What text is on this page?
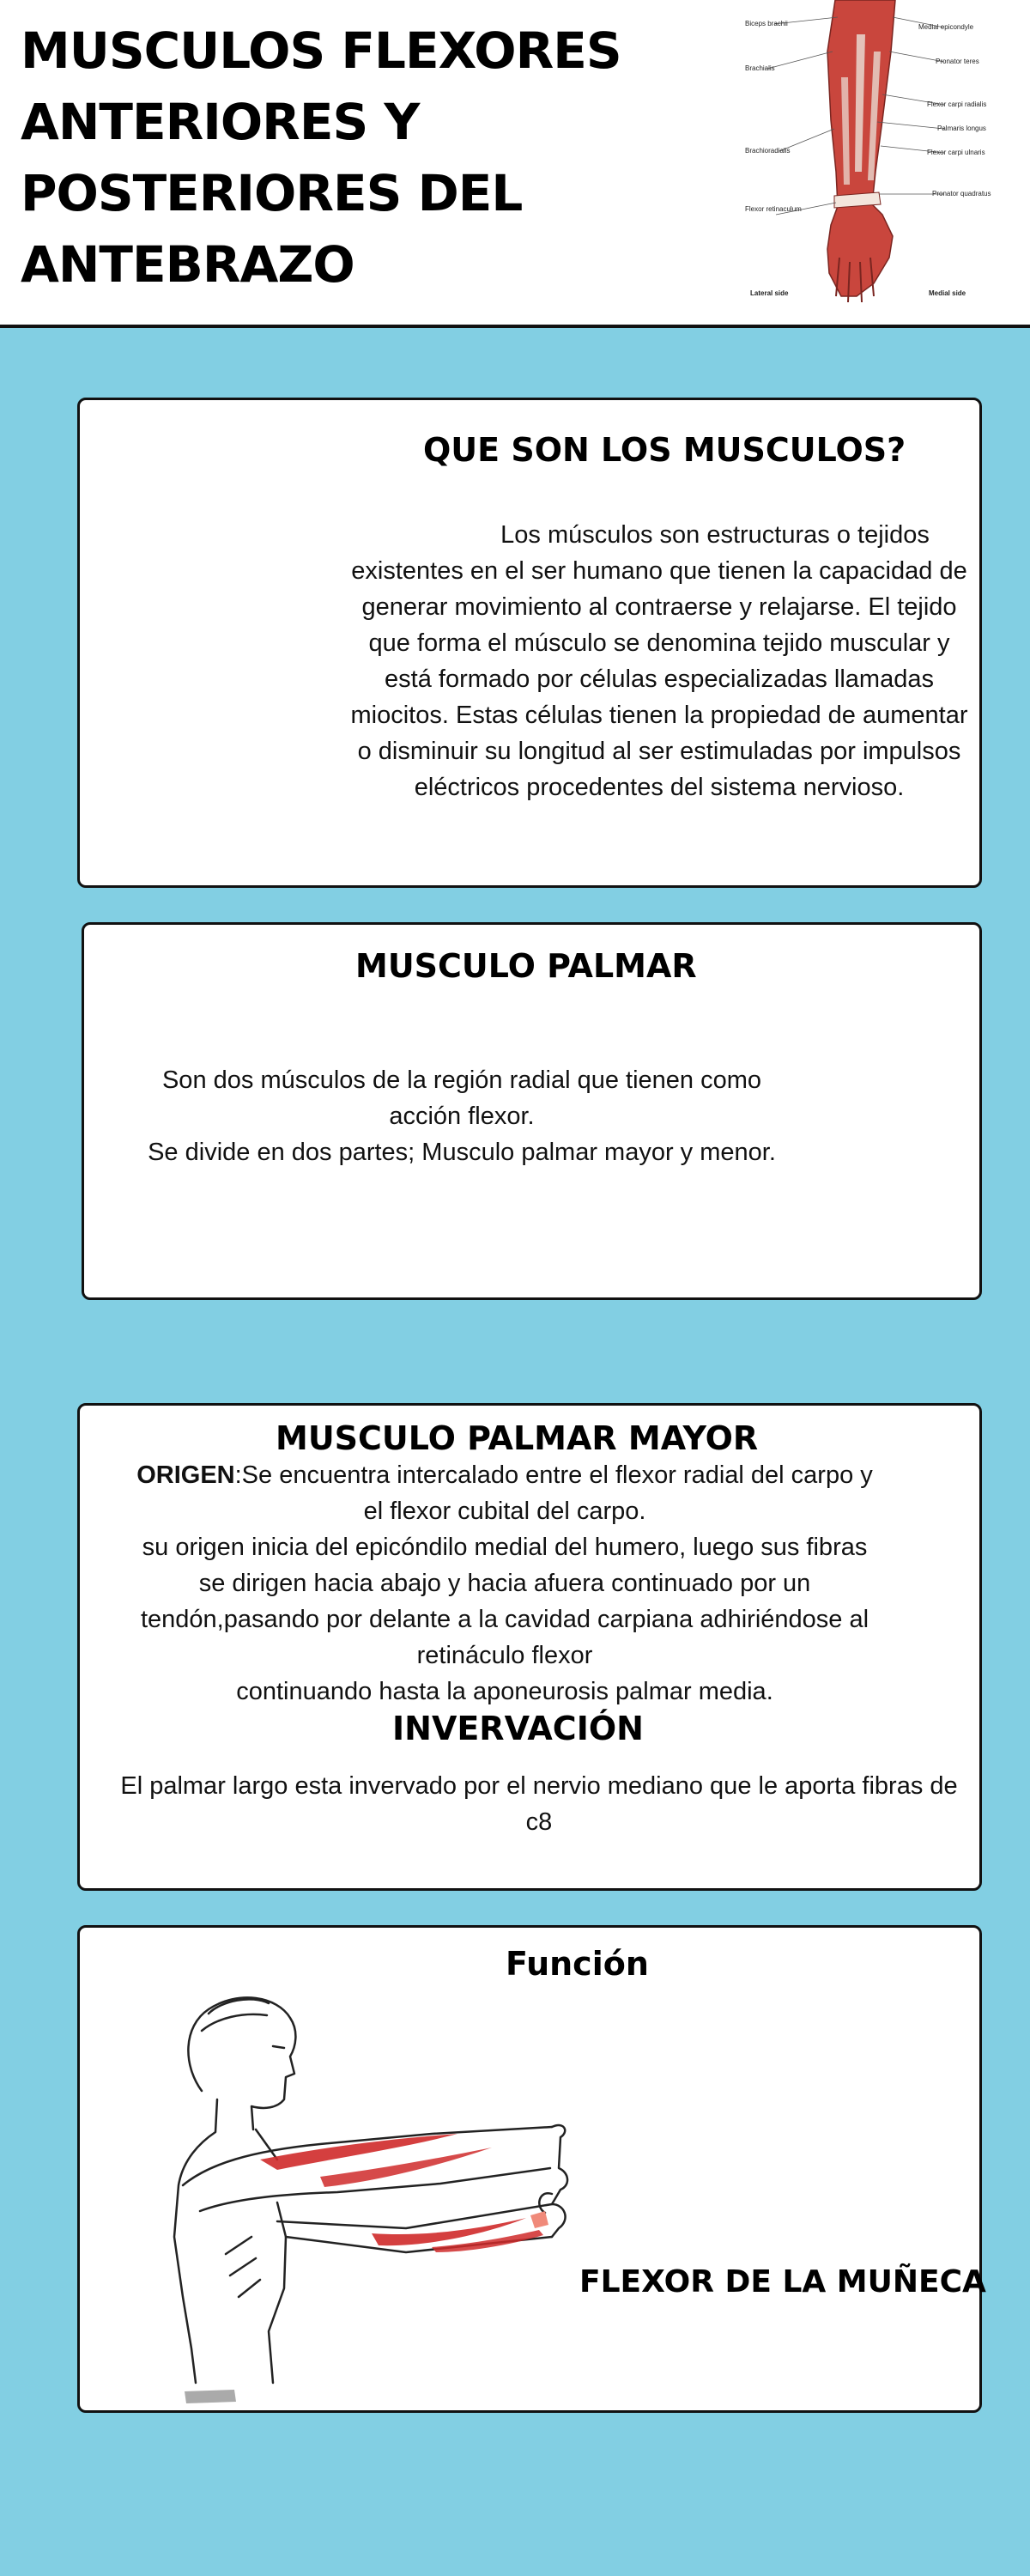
MUSCULOS FLEXORES
ANTERIORES Y
POSTERIORES DEL
ANTEBRAZO
Biceps brachii
Brachialis
Brachioradialis
Flexor retinaculum
Medial epicondyle
Pronator teres
Flexor carpi radialis
Palmaris longus
Flexor carpi ulnaris
Pronator quadratus
Lateral side	Medial side
QUE SON LOS MUSCULOS?

Los músculos son estructuras o tejidos

existentes en el ser humano que tienen la capacidad de

generar movimiento al contraerse y relajarse. El tejido

que forma el músculo se denomina tejido muscular y

está formado por células especializadas llamadas

miocitos. Estas células tienen la propiedad de aumentar

o disminuir su longitud al ser estimuladas por impulsos

eléctricos procedentes del sistema nervioso.

MUSCULO PALMAR

Son dos músculos de la región radial que tienen como

acción flexor.

Se divide en dos partes; Musculo palmar mayor y menor.

MUSCULO PALMAR MAYOR

ORIGEN:Se encuentra intercalado entre el flexor radial del carpo y

el flexor cubital del carpo.

su origen inicia del epicóndilo medial del humero, luego sus fibras

se dirigen hacia abajo y hacia afuera continuado por un

tendón,pasando por delante a la cavidad carpiana adhiriéndose al

retináculo flexor

continuando hasta la aponeurosis palmar media.

INVERVACIÓN

El palmar largo esta invervado por el nervio mediano que le aporta fibras de

c8

Función
FLEXOR DE LA MUÑECA
